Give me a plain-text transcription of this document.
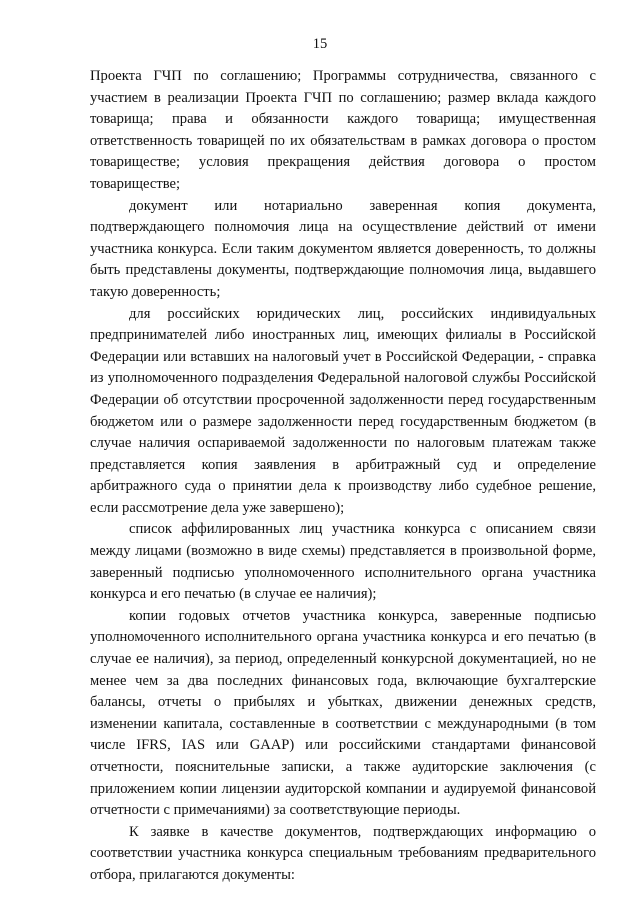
15

Проекта ГЧП по соглашению; Программы сотрудничества, связанного с участием в реализации Проекта ГЧП по соглашению; размер вклада каждого товарища; права и обязанности каждого товарища; имущественная ответственность товарищей по их обязательствам в рамках договора о простом товариществе; условия прекращения действия договора о простом товариществе;

документ или нотариально заверенная копия документа, подтверждающего полномочия лица на осуществление действий от имени участника конкурса. Если таким документом является доверенность, то должны быть представлены документы, подтверждающие полномочия лица, выдавшего такую доверенность;

для российских юридических лиц, российских индивидуальных предпринимателей либо иностранных лиц, имеющих филиалы в Российской Федерации или вставших на налоговый учет в Российской Федерации, - справка из уполномоченного подразделения Федеральной налоговой службы Российской Федерации об отсутствии просроченной задолженности перед государственным бюджетом или о размере задолженности перед государственным бюджетом (в случае наличия оспариваемой задолженности по налоговым платежам также представляется копия заявления в арбитражный суд и определение арбитражного суда о принятии дела к производству либо судебное решение, если рассмотрение дела уже завершено);

список аффилированных лиц участника конкурса с описанием связи между лицами (возможно в виде схемы) представляется в произвольной форме, заверенный подписью уполномоченного исполнительного органа участника конкурса и его печатью (в случае ее наличия);

копии годовых отчетов участника конкурса, заверенные подписью уполномоченного исполнительного органа участника конкурса и его печатью (в случае ее наличия), за период, определенный конкурсной документацией, но не менее чем за два последних финансовых года, включающие бухгалтерские балансы, отчеты о прибылях и убытках, движении денежных средств, изменении капитала, составленные в соответствии с международными (в том числе IFRS, IAS или GAAP) или российскими стандартами финансовой отчетности, пояснительные записки, а также аудиторские заключения (с приложением копии лицензии аудиторской компании и аудируемой финансовой отчетности с примечаниями) за соответствующие периоды.

К заявке в качестве документов, подтверждающих информацию о соответствии участника конкурса специальным требованиям предварительного отбора, прилагаются документы:
